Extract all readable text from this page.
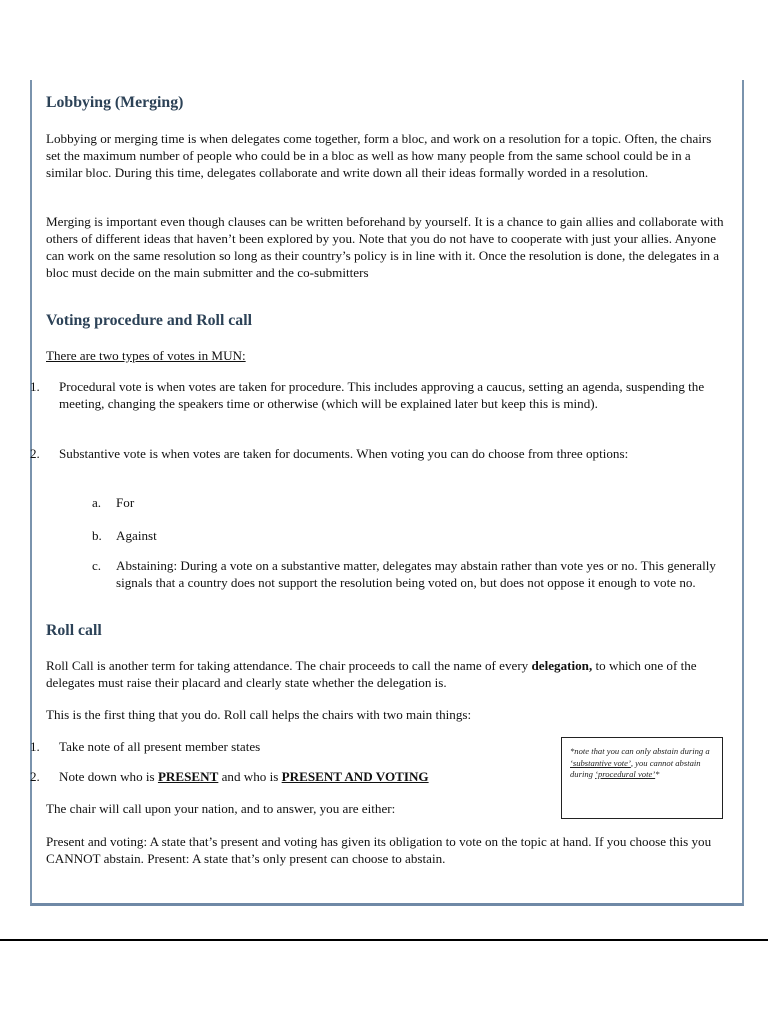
Lobbying (Merging)

Lobbying or merging time is when delegates come together, form a bloc, and work on a resolution for a topic. Often, the chairs set the maximum number of people who could be in a bloc as well as how many people from the same school could be in a similar bloc. During this time, delegates collaborate and write down all their ideas formally worded in a resolution.

Merging is important even though clauses can be written beforehand by yourself. It is a chance to gain allies and collaborate with others of different ideas that haven’t been explored by you. Note that you do not have to cooperate with just your allies. Anyone can work on the same resolution so long as their country’s policy is in line with it. Once the resolution is done, the delegates in a bloc must decide on the main submitter and the co-submitters

Voting procedure and Roll call

There are two types of votes in MUN:

1.	Procedural vote is when votes are taken for procedure. This includes approving a caucus, setting an agenda, suspending the meeting, changing the speakers time or otherwise (which will be explained later but keep this is mind).
2.	Substantive vote is when votes are taken for documents. When voting you can do choose from three options:
a. For
b. Against
c. Abstaining: During a vote on a substantive matter, delegates may abstain rather than vote yes or no. This generally signals that a country does not support the resolution being voted on, but does not oppose it enough to vote no.
Roll call

Roll Call is another term for taking attendance. The chair proceeds to call the name of every delegation, to which one of the delegates must raise their placard and clearly state whether the delegation is.

This is the first thing that you do. Roll call helps the chairs with two main things:

1.	Take note of all present member states
2.	Note down who is PRESENT and who is PRESENT AND VOTING

The chair will call upon your nation, and to answer, you are either:

Present and voting: A state that’s present and voting has given its obligation to vote on the topic at hand. If you choose this you CANNOT abstain. Present: A state that’s only present can choose to abstain.

*note that you can only abstain during a ‘substantive vote’, you cannot abstain during ‘procedural vote’*
